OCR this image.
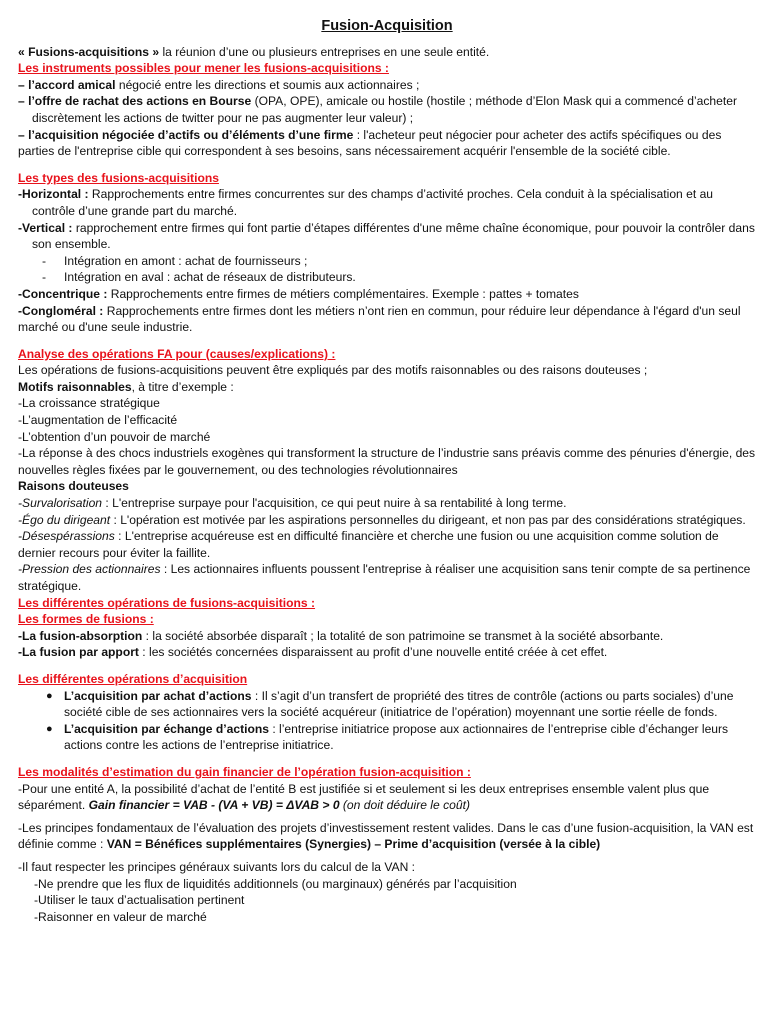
Fusion-Acquisition
« Fusions-acquisitions » la réunion d’une ou plusieurs entreprises en une seule entité.
Les instruments possibles pour mener les fusions-acquisitions :
– l’accord amical négocié entre les directions et soumis aux actionnaires ;
– l’offre de rachat des actions en Bourse (OPA, OPE), amicale ou hostile (hostile ; méthode d’Elon Mask qui a commencé d’acheter discrètement les actions de twitter pour ne pas augmenter leur valeur) ;
– l’acquisition négociée d’actifs ou d’éléments d’une firme : l'acheteur peut négocier pour acheter des actifs spécifiques ou des parties de l'entreprise cible qui correspondent à ses besoins, sans nécessairement acquérir l'ensemble de la société cible.
Les types des fusions-acquisitions
-Horizontal : Rapprochements entre firmes concurrentes sur des champs d’activité proches. Cela conduit à la spécialisation et au contrôle d’une grande part du marché.
-Vertical : rapprochement entre firmes qui font partie d’étapes différentes d'une même chaîne économique, pour pouvoir la contrôler dans son ensemble.
- Intégration en amont : achat de fournisseurs ;
- Intégration en aval : achat de réseaux de distributeurs.
-Concentrique : Rapprochements entre firmes de métiers complémentaires. Exemple : pattes + tomates
-Congloméral : Rapprochements entre firmes dont les métiers n’ont rien en commun, pour réduire leur dépendance à l'égard d'un seul marché ou d'une seule industrie.
Analyse des opérations FA pour (causes/explications) :
Les opérations de fusions-acquisitions peuvent être expliqués par des motifs raisonnables ou des raisons douteuses ;
Motifs raisonnables, à titre d’exemple :
-La croissance stratégique
-L’augmentation de l’efficacité
-L’obtention d’un pouvoir de marché
-La réponse à des chocs industriels exogènes qui transforment la structure de l’industrie sans préavis comme des pénuries d'énergie, des nouvelles règles fixées par le gouvernement, ou des technologies révolutionnaires
Raisons douteuses
-Survalorisation : L'entreprise surpaye pour l'acquisition, ce qui peut nuire à sa rentabilité à long terme.
-Égo du dirigeant : L'opération est motivée par les aspirations personnelles du dirigeant, et non pas par des considérations stratégiques.
-Désespérassions : L'entreprise acquéreuse est en difficulté financière et cherche une fusion ou une acquisition comme solution de dernier recours pour éviter la faillite.
-Pression des actionnaires : Les actionnaires influents poussent l'entreprise à réaliser une acquisition sans tenir compte de sa pertinence stratégique.
Les différentes opérations de fusions-acquisitions :
Les formes de fusions :
-La fusion-absorption : la société absorbée disparaît ; la totalité de son patrimoine se transmet à la société absorbante.
-La fusion par apport : les sociétés concernées disparaissent au profit d’une nouvelle entité créée à cet effet.
Les différentes opérations d’acquisition
● L’acquisition par achat d’actions : Il s’agit d’un transfert de propriété des titres de contrôle (actions ou parts sociales) d’une société cible de ses actionnaires vers la société acquéreur (initiatrice de l’opération) moyennant une sortie réelle de fonds.
● L’acquisition par échange d’actions : l’entreprise initiatrice propose aux actionnaires de l’entreprise cible d’échanger leurs actions contre les actions de l’entreprise initiatrice.
Les modalités d’estimation du gain financier de l’opération fusion-acquisition :
-Pour une entité A, la possibilité d’achat de l’entité B est justifiée si et seulement si les deux entreprises ensemble valent plus que séparément. Gain financier = VAB - (VA + VB) = ΔVAB > 0 (on doit déduire le coût)
-Les principes fondamentaux de l’évaluation des projets d’investissement restent valides. Dans le cas d’une fusion-acquisition, la VAN est définie comme : VAN = Bénéfices supplémentaires (Synergies) – Prime d’acquisition (versée à la cible)
-Il faut respecter les principes généraux suivants lors du calcul de la VAN :
-Ne prendre que les flux de liquidités additionnels (ou marginaux) générés par l’acquisition
-Utiliser le taux d’actualisation pertinent
-Raisonner en valeur de marché
